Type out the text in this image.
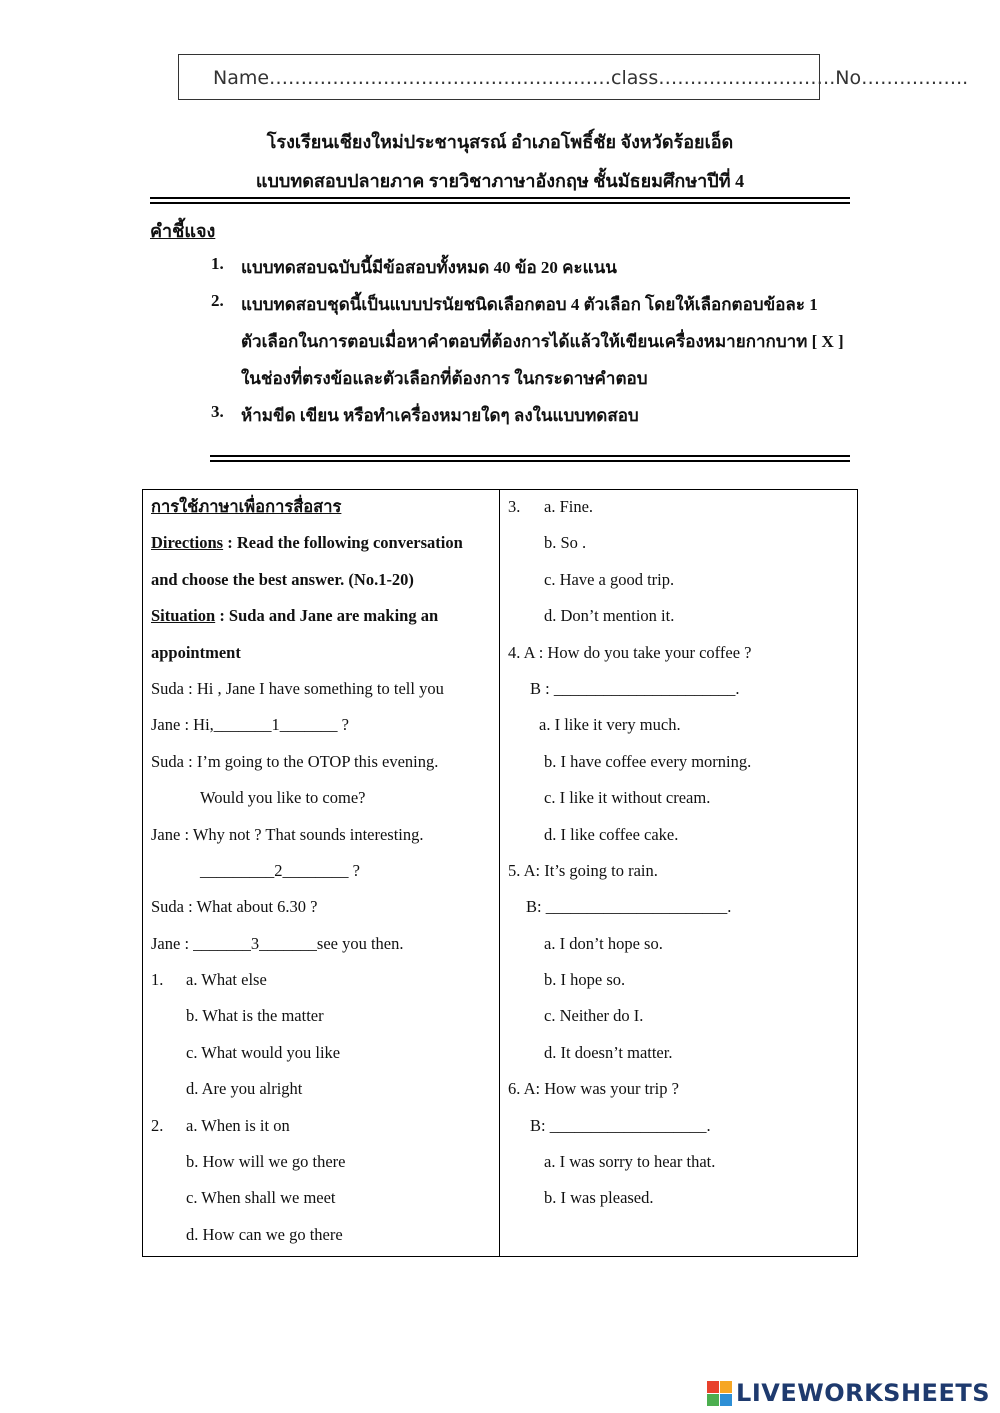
Name………………………………………………class……………………….No……………..
โรงเรียนเชียงใหม่ประชานุสรณ์ อำเภอโพธิ์ชัย จังหวัดร้อยเอ็ด
แบบทดสอบปลายภาค รายวิชาภาษาอังกฤษ ชั้นมัธยมศึกษาปีที่ 4
คำชี้แจง
1. แบบทดสอบฉบับนี้มีข้อสอบทั้งหมด 40 ข้อ 20 คะแนน
2. แบบทดสอบชุดนี้เป็นแบบปรนัยชนิดเลือกตอบ 4 ตัวเลือก โดยให้เลือกตอบข้อละ 1
ตัวเลือกในการตอบเมื่อหาคำตอบที่ต้องการได้แล้วให้เขียนเครื่องหมายกากบาท [ X ]
ในช่องที่ตรงข้อและตัวเลือกที่ต้องการ ในกระดาษคำตอบ
3. ห้ามขีด เขียน หรือทำเครื่องหมายใดๆ ลงในแบบทดสอบ
การใช้ภาษาเพื่อการสื่อสาร
Directions : Read the following conversation
and choose the best answer. (No.1-20)
Situation : Suda and Jane are making an
appointment
Suda : Hi , Jane I have something to tell you
Jane : Hi,_______1_______ ?
Suda : I’m going to the OTOP this evening.
Would you like to come?
Jane : Why not ? That sounds interesting.
_________2________ ?
Suda : What about 6.30 ?
Jane : _______3_______see you then.
1. a. What else
b. What is the matter
c. What would you like
d. Are you alright
2. a. When is it on
b. How will we go there
c. When shall we meet
d. How can we go there
3. a. Fine.
b. So .
c. Have a good trip.
d. Don’t mention it.
4. A : How do you take your coffee ?
B : ______________________.
a. I like it very much.
b. I have coffee every morning.
c. I like it without cream.
d. I like coffee cake.
5. A: It’s going to rain.
B: ______________________.
a. I don’t hope so.
b. I hope so.
c. Neither do I.
d. It doesn’t matter.
6. A: How was your trip ?
B: ___________________.
a. I was sorry to hear that.
b. I was pleased.
LIVEWORKSHEETS
